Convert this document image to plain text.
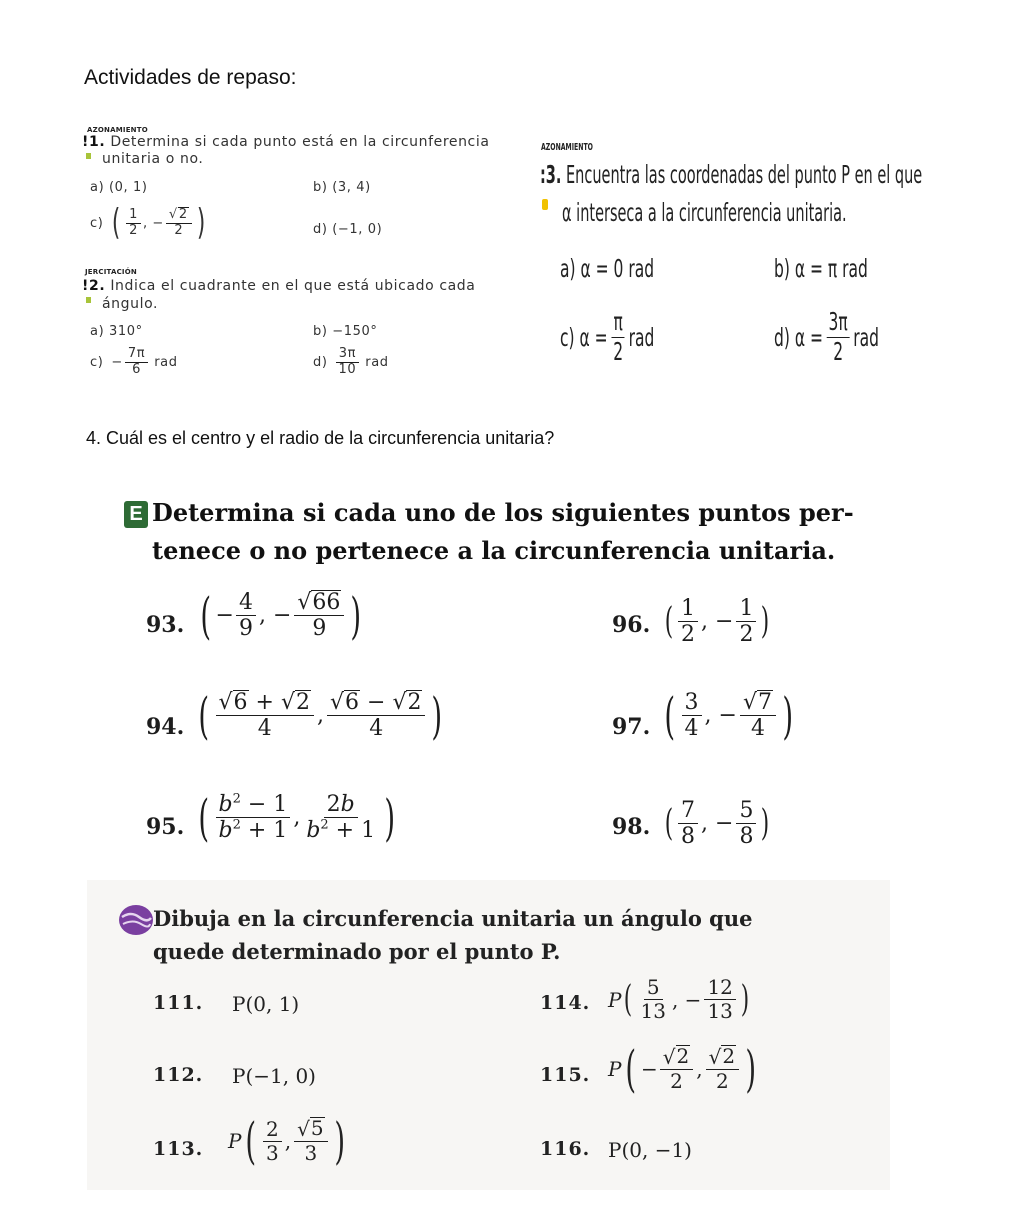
Actividades de repaso:
AZONAMIENTO
!1. Determina si cada punto está en la circunferencia
unitaria o no.
a) (0, 1)	b) (3, 4)
c) ( $\frac{1}{2}$ , − $\frac{√ 2}{2}$ )	d) (−1, 0)
JERCITACIÓN
!2. Indica el cuadrante en el que está ubicado cada
ángulo.
a) 310°	b) −150°
$c) - \frac{7\pi}{6}$ rad	$d) \frac{3\pi}{10}$ rad
AZONAMIENTO
:3. Encuentra las coordenadas del punto P en el que
α interseca a la circunferencia unitaria.
a) α = 0 rad	b) α = π rad
c) $\alpha = \frac{\pi}{2}$ rad	d) $\alpha = \frac{3\pi}{2}$ rad
4. Cuál es el centro y el radio de la circunferencia unitaria?
E Determina si cada uno de los siguientes puntos per-
tenece o no pertenece a la circunferencia unitaria.
93. ( − $\frac{4}{9}$ , − $\frac{√ 66}{9}$ )	96. ( $\frac{1}{2}$ , − $\frac{1}{2}$ )
94. ( $\frac{√ 6 + √ 2}{4}$ , $\frac{√ 6 - √ 2}{4}$ )	97. ( $\frac{3}{4}$ , − $\frac{√ 7}{4}$ )
95. ( $\frac{b^2 - 1}{b^2 + 1}$ , $\frac{2b}{b^2 + 1}$ )	98. ( $\frac{7}{8}$ , − $\frac{5}{8}$ )
Dibuja en la circunferencia unitaria un ángulo que
quede determinado por el punto P.
111. P(0, 1)	114. P ( $\frac{5}{13}$ , − $\frac{12}{13}$ )
112. P(−1, 0)	115. P ( − $\frac{√ 2}{2}$ , $\frac{√ 2}{2}$ )
113. P ( $\frac{2}{3}$ , $\frac{√ 5}{3}$ )	116. P(0, −1)
